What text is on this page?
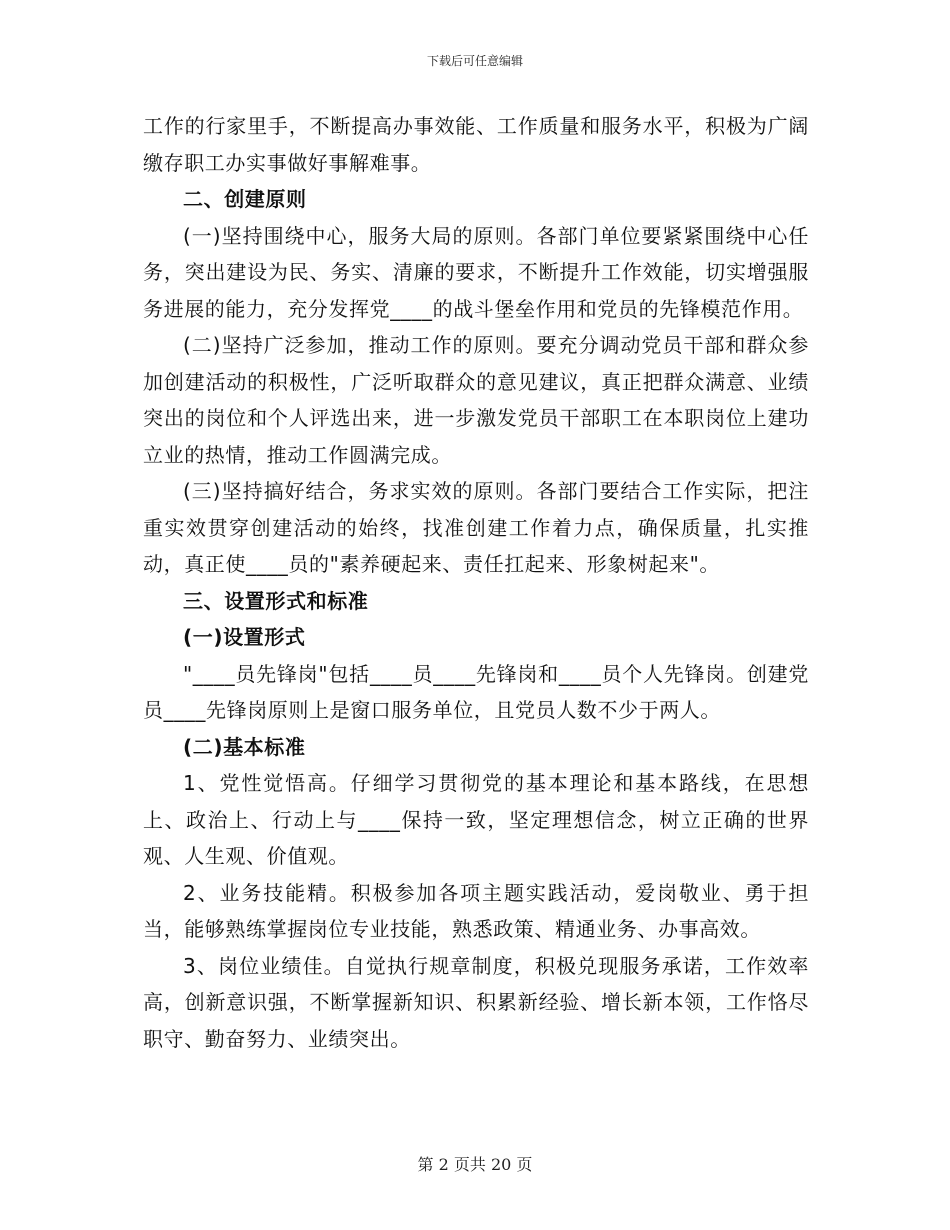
下载后可任意编辑

工作的行家里手，不断提高办事效能、工作质量和服务水平，积极为广阔缴存职工办实事做好事解难事。

二、创建原则

(一)坚持围绕中心，服务大局的原则。各部门单位要紧紧围绕中心任务，突出建设为民、务实、清廉的要求，不断提升工作效能，切实增强服务进展的能力，充分发挥党____的战斗堡垒作用和党员的先锋模范作用。

(二)坚持广泛参加，推动工作的原则。要充分调动党员干部和群众参加创建活动的积极性，广泛听取群众的意见建议，真正把群众满意、业绩突出的岗位和个人评选出来，进一步激发党员干部职工在本职岗位上建功立业的热情，推动工作圆满完成。

(三)坚持搞好结合，务求实效的原则。各部门要结合工作实际，把注重实效贯穿创建活动的始终，找准创建工作着力点，确保质量，扎实推动，真正使____员的"素养硬起来、责任扛起来、形象树起来"。

三、设置形式和标准

(一)设置形式

"____员先锋岗"包括____员____先锋岗和____员个人先锋岗。创建党员____先锋岗原则上是窗口服务单位，且党员人数不少于两人。

(二)基本标准

1、党性觉悟高。仔细学习贯彻党的基本理论和基本路线，在思想上、政治上、行动上与____保持一致，坚定理想信念，树立正确的世界观、人生观、价值观。

2、业务技能精。积极参加各项主题实践活动，爱岗敬业、勇于担当，能够熟练掌握岗位专业技能，熟悉政策、精通业务、办事高效。

3、岗位业绩佳。自觉执行规章制度，积极兑现服务承诺，工作效率高，创新意识强，不断掌握新知识、积累新经验、增长新本领，工作恪尽职守、勤奋努力、业绩突出。

第 2 页共 20 页
